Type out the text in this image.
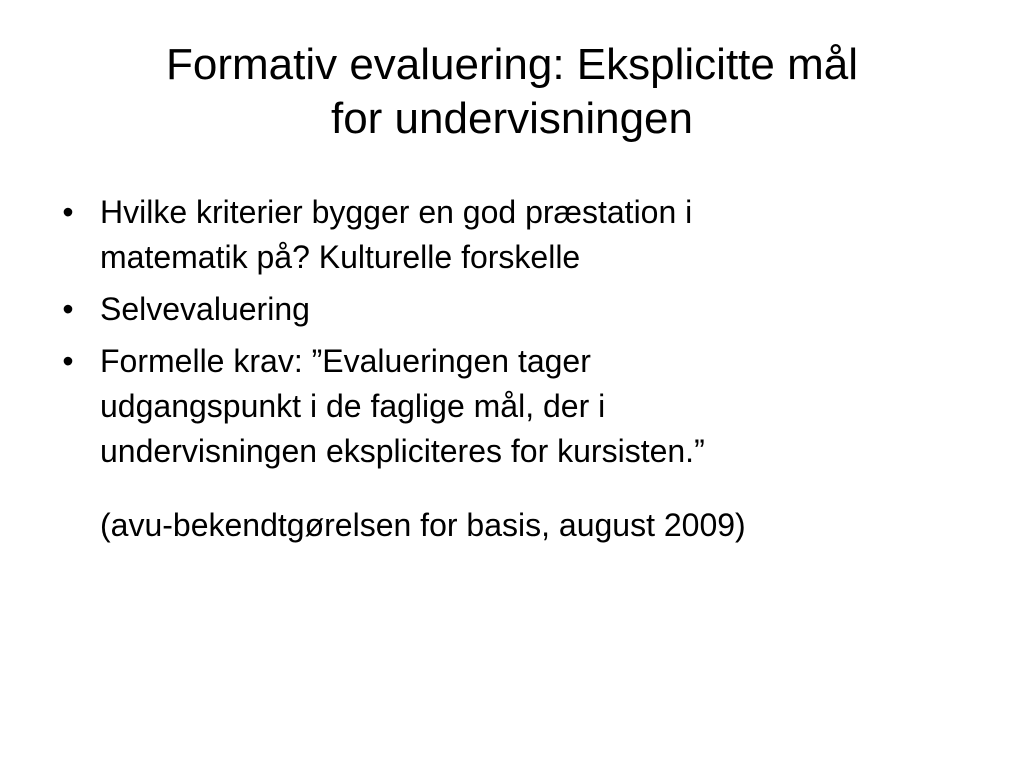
Formativ evaluering: Eksplicitte mål
for undervisningen
• Hvilke kriterier bygger en god præstation i
matematik på? Kulturelle forskelle
• Selvevaluering
• Formelle krav: ”Evalueringen tager
udgangspunkt i de faglige mål, der i
undervisningen ekspliciteres for kursisten.”
(avu-bekendtgørelsen for basis, august 2009)
